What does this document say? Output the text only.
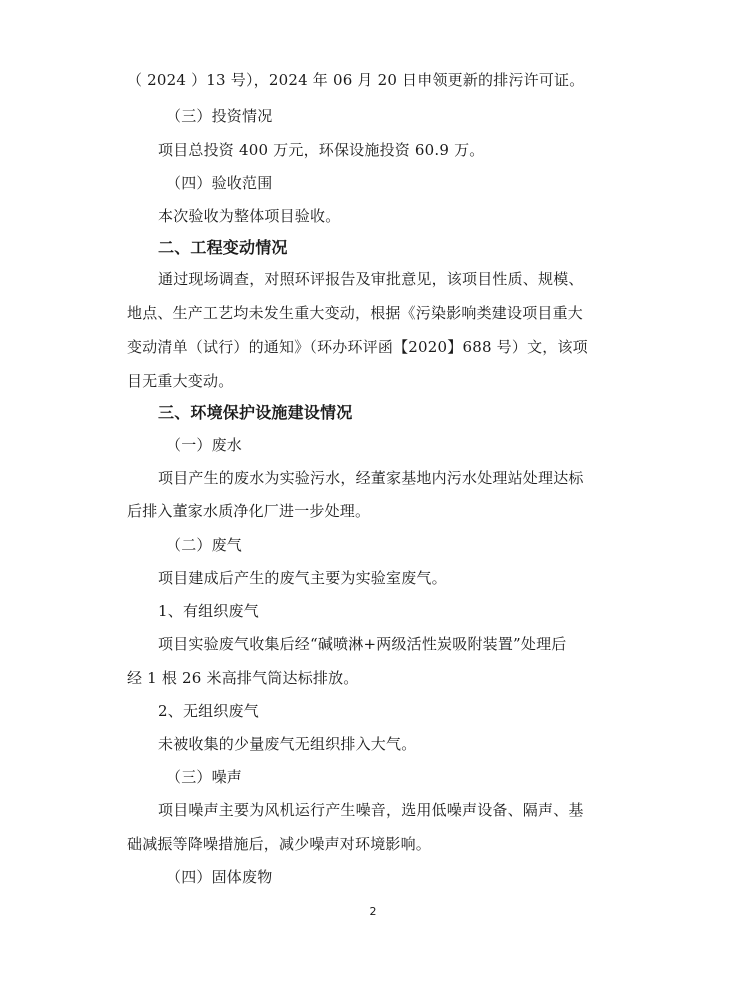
（ 2024 ）13 号），2024 年 06 月 20 日申领更新的排污许可证。
（三）投资情况
项目总投资 400 万元，环保设施投资 60.9 万。
（四）验收范围
本次验收为整体项目验收。
二、工程变动情况
通过现场调查，对照环评报告及审批意见，该项目性质、规模、
地点、生产工艺均未发生重大变动，根据《污染影响类建设项目重大
变动清单（试行）的通知》（环办环评函【2020】688 号）文，该项
目无重大变动。
三、环境保护设施建设情况
（一）废水
项目产生的废水为实验污水，经董家基地内污水处理站处理达标
后排入董家水质净化厂进一步处理。
（二）废气
项目建成后产生的废气主要为实验室废气。
1、有组织废气
项目实验废气收集后经“碱喷淋+两级活性炭吸附装置”处理后
经 1 根 26 米高排气筒达标排放。
2、无组织废气
未被收集的少量废气无组织排入大气。
（三）噪声
项目噪声主要为风机运行产生噪音，选用低噪声设备、隔声、基
础减振等降噪措施后，减少噪声对环境影响。
（四）固体废物
2
